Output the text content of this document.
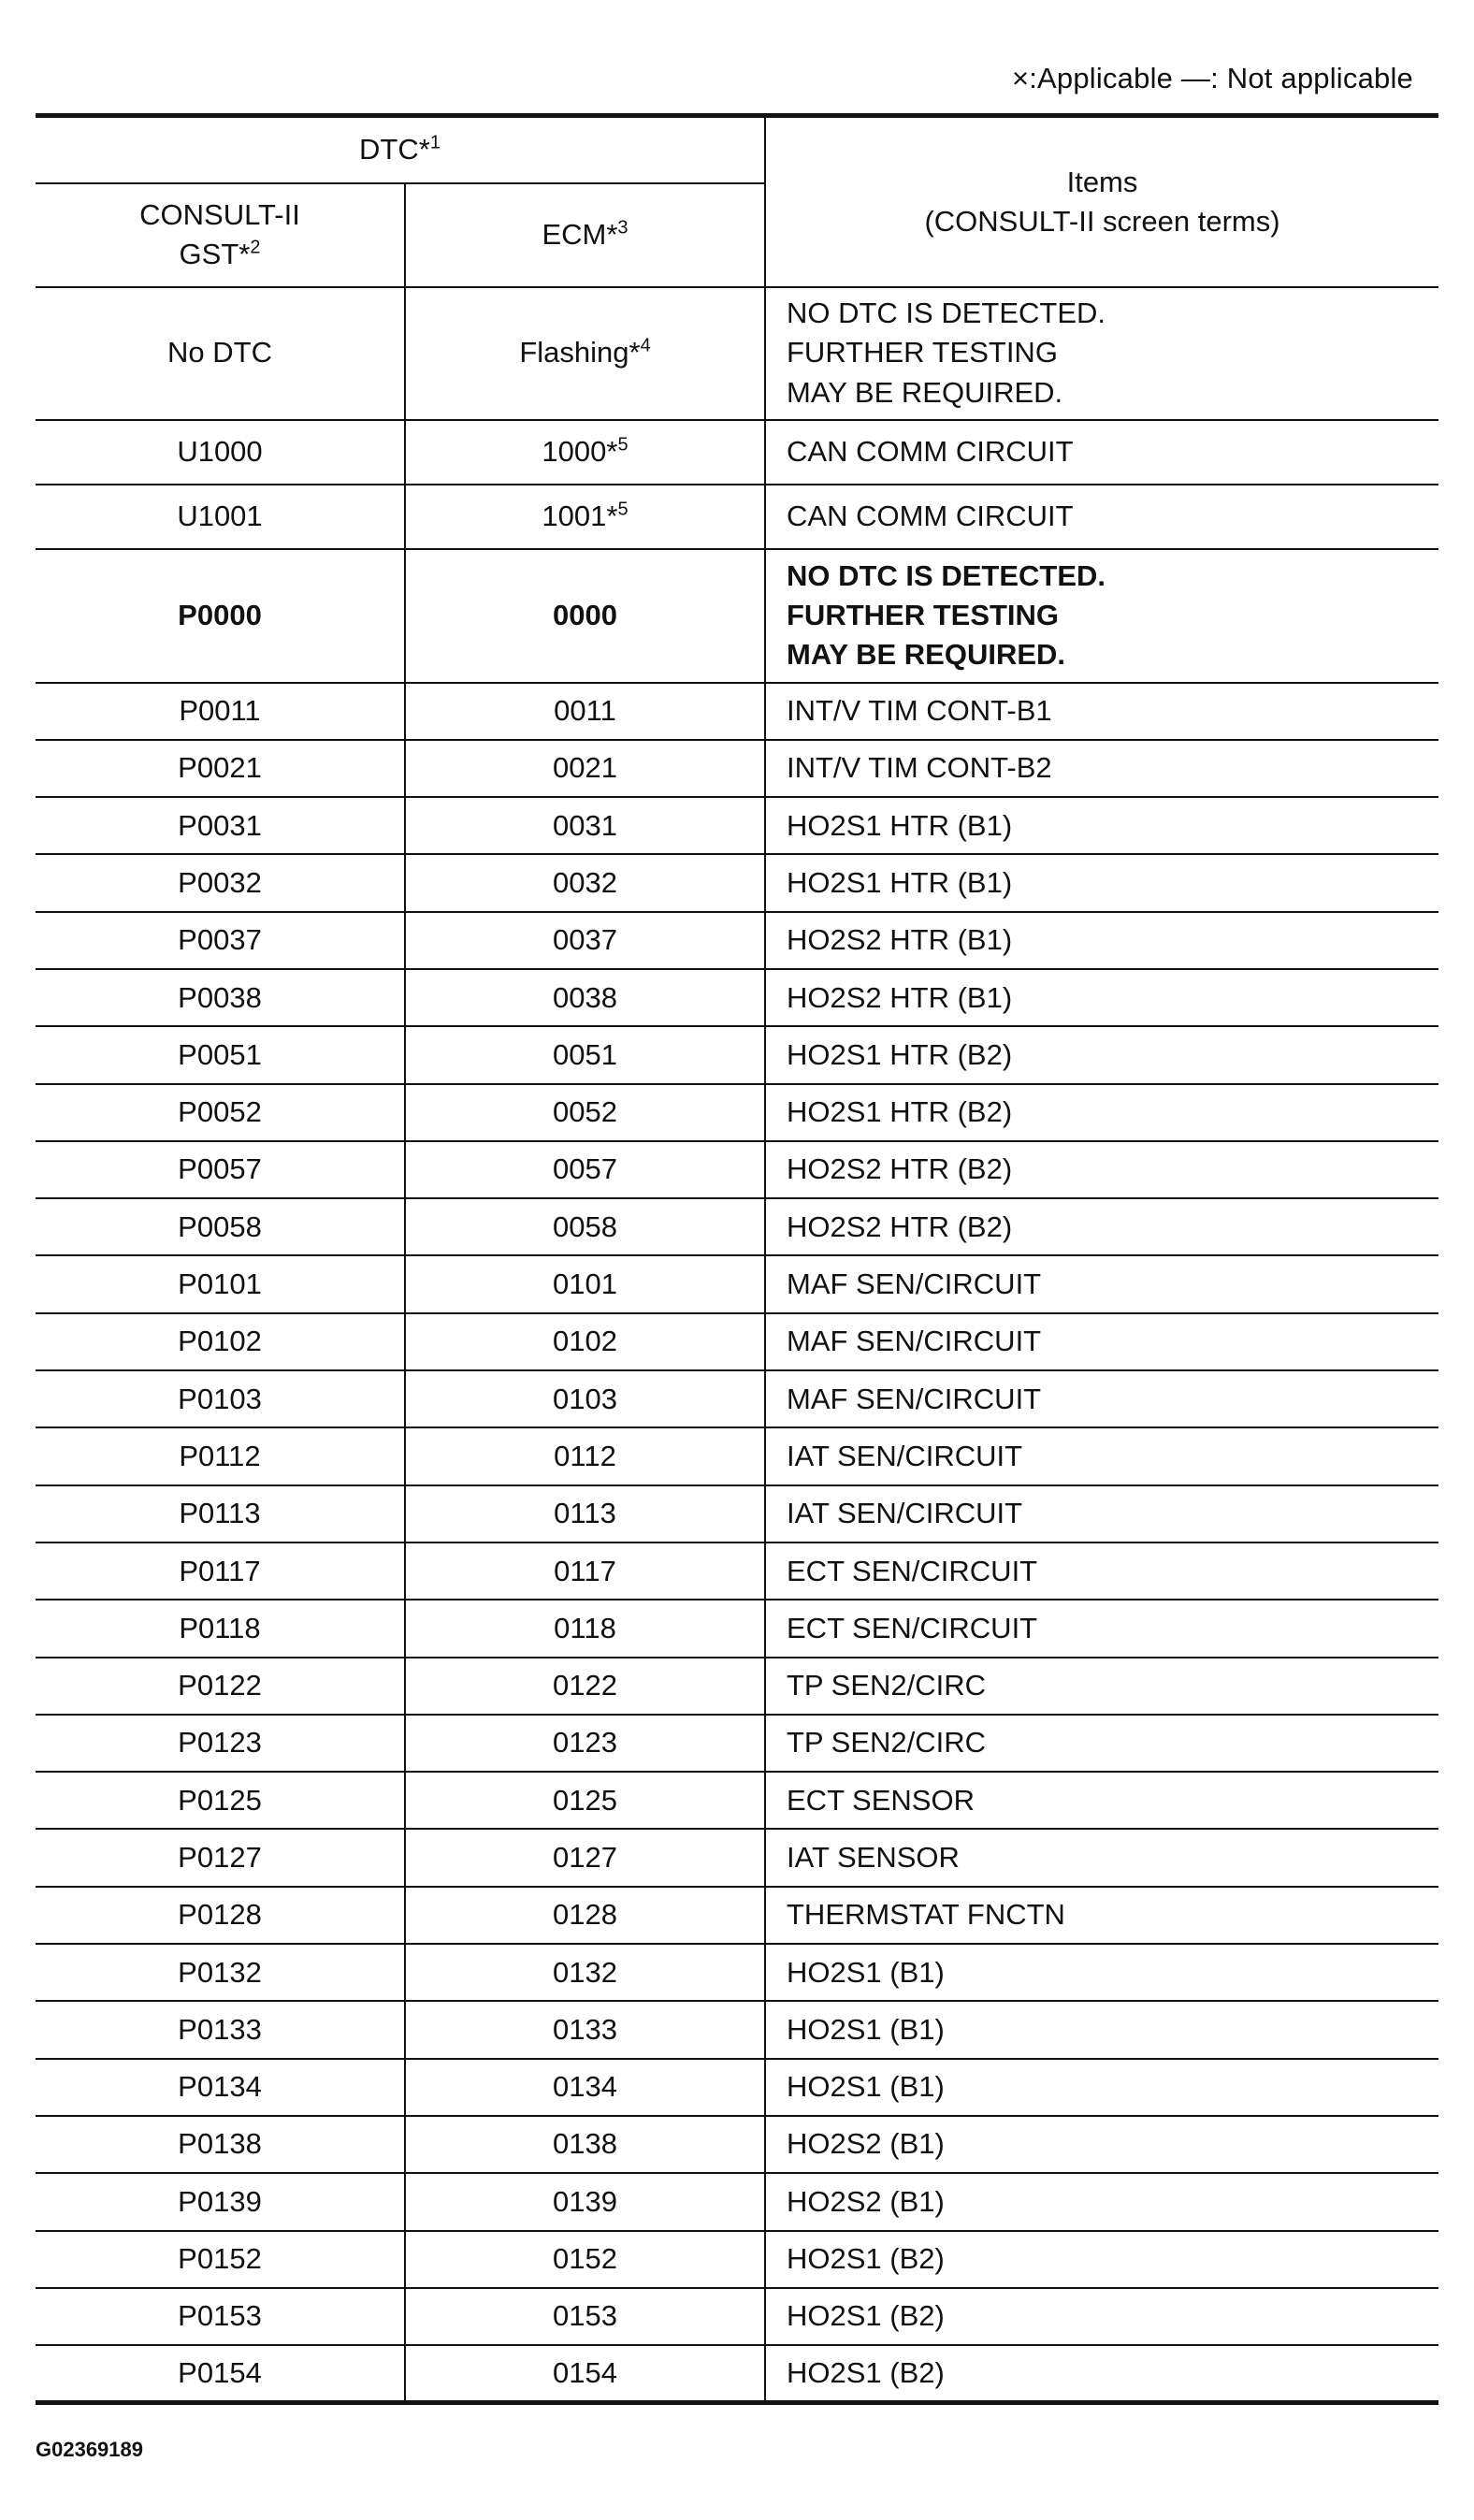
×:Applicable —: Not applicable
DTC*$^1$		Items
(CONSULT-II screen terms)

CONSULT-II
GST*$^2$	ECM*$^3$
No DTC	Flashing*$^4$	NO DTC IS DETECTED.
FURTHER TESTING
MAY BE REQUIRED.

U1000	1000*$^5$	CAN COMM CIRCUIT

U1001	1001*$^5$	CAN COMM CIRCUIT

P0000	0000	NO DTC IS DETECTED.
FURTHER TESTING
MAY BE REQUIRED.

P0011	0011	INT/V TIM CONT-B1

P0021	0021	INT/V TIM CONT-B2

P0031	0031	HO2S1 HTR (B1)

P0032	0032	HO2S1 HTR (B1)

P0037	0037	HO2S2 HTR (B1)

P0038	0038	HO2S2 HTR (B1)

P0051	0051	HO2S1 HTR (B2)

P0052	0052	HO2S1 HTR (B2)

P0057	0057	HO2S2 HTR (B2)

P0058	0058	HO2S2 HTR (B2)

P0101	0101	MAF SEN/CIRCUIT

P0102	0102	MAF SEN/CIRCUIT

P0103	0103	MAF SEN/CIRCUIT

P0112	0112	IAT SEN/CIRCUIT

P0113	0113	IAT SEN/CIRCUIT

P0117	0117	ECT SEN/CIRCUIT

P0118	0118	ECT SEN/CIRCUIT

P0122	0122	TP SEN2/CIRC

P0123	0123	TP SEN2/CIRC

P0125	0125	ECT SENSOR

P0127	0127	IAT SENSOR

P0128	0128	THERMSTAT FNCTN

P0132	0132	HO2S1 (B1)

P0133	0133	HO2S1 (B1)

P0134	0134	HO2S1 (B1)

P0138	0138	HO2S2 (B1)

P0139	0139	HO2S2 (B1)

P0152	0152	HO2S1 (B2)

P0153	0153	HO2S1 (B2)

P0154	0154	HO2S1 (B2)
G02369189
